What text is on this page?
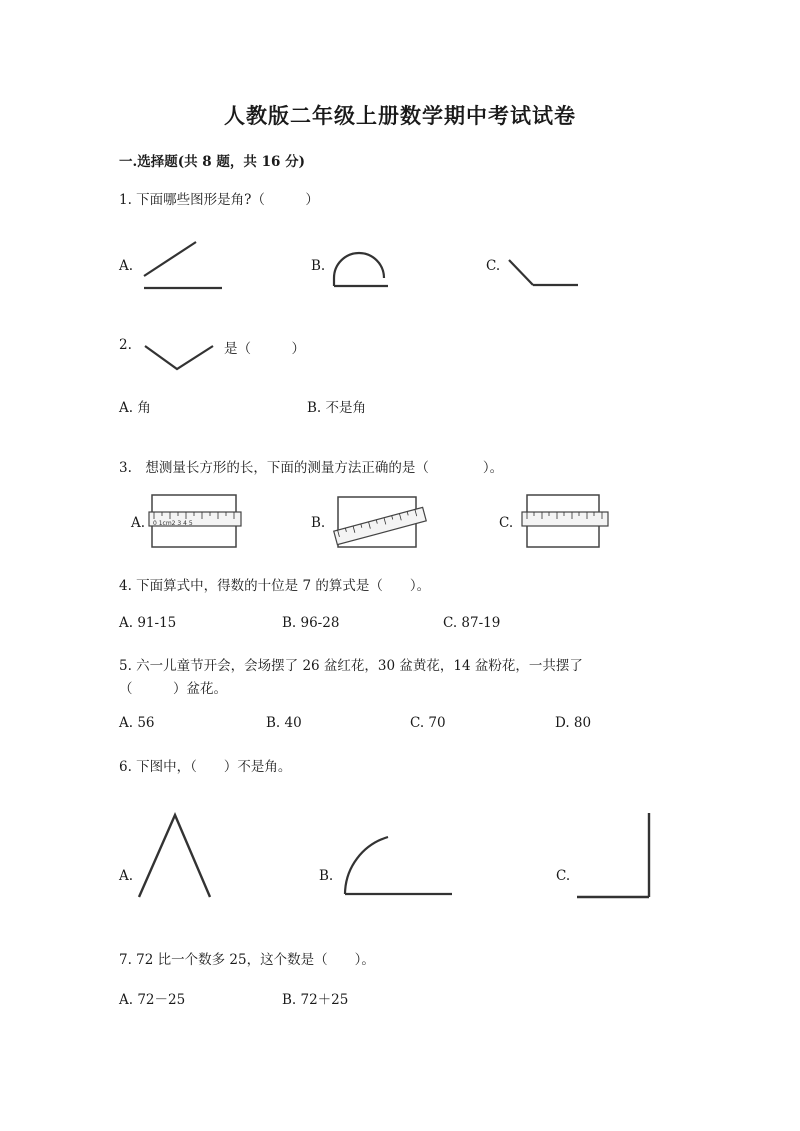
人教版二年级上册数学期中考试试卷
一.选择题(共 8 题，共 16 分)
1. 下面哪些图形是角?（　　　）
A.	B.	C.
2.	是（　　　）
A. 角	B. 不是角
3.　想测量长方形的长，下面的测量方法正确的是（　　　　）。
A. 0 1cm2 3 4 5	B.	C.
4. 下面算式中，得数的十位是 7 的算式是（　　）。
A. 91-15	B. 96-28	C. 87-19
5. 六一儿童节开会，会场摆了 26 盆红花，30 盆黄花，14 盆粉花，一共摆了
（　　　）盆花。
A. 56	B. 40	C. 70	D. 80
6. 下图中，（　　）不是角。
A.	B.	C.
7. 72 比一个数多 25，这个数是（　　）。
A. 72－25	B. 72＋25
